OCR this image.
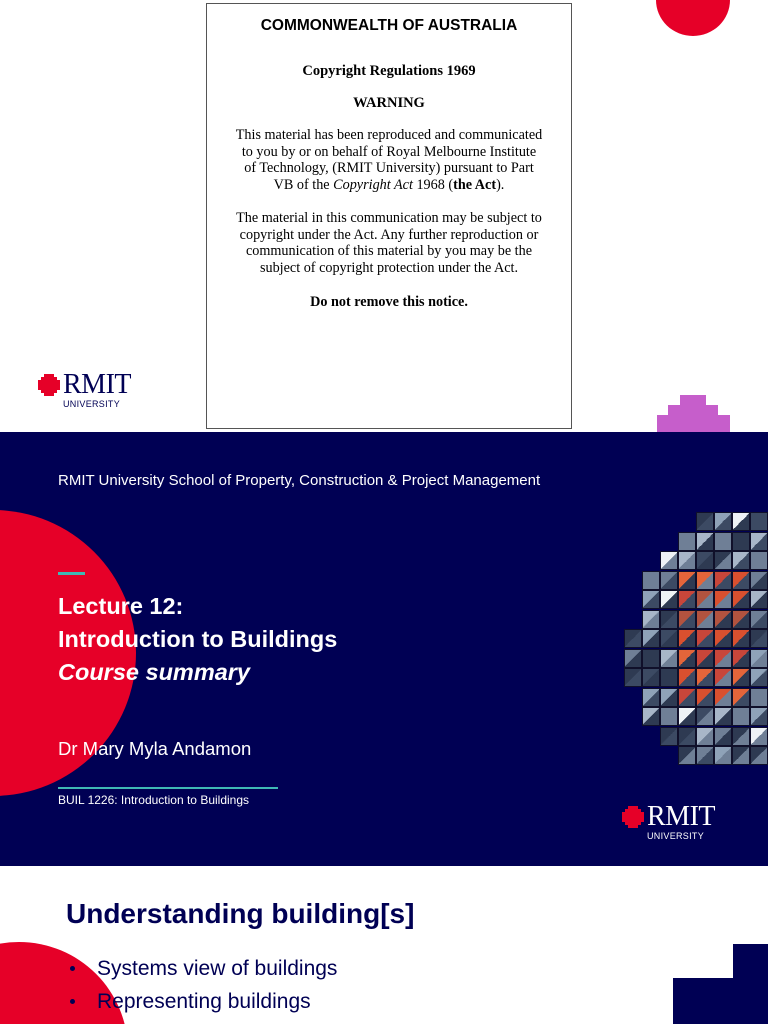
COMMONWEALTH OF AUSTRALIA
Copyright Regulations 1969
WARNING
This material has been reproduced and communicated
to you by or on behalf of Royal Melbourne Institute
of Technology, (RMIT University) pursuant to Part
VB of the Copyright Act 1968 (the Act).
The material in this communication may be subject to
copyright under the Act. Any further reproduction or
communication of this material by you may be the
subject of copyright protection under the Act.
Do not remove this notice.
RMIT
UNIVERSITY
RMIT University School of Property, Construction & Project Management
Lecture 12:
Introduction to Buildings
Course summary
Dr Mary Myla Andamon
BUIL 1226: Introduction to Buildings
RMIT
UNIVERSITY
Understanding building[s]
Systems view of buildings
Representing buildings
